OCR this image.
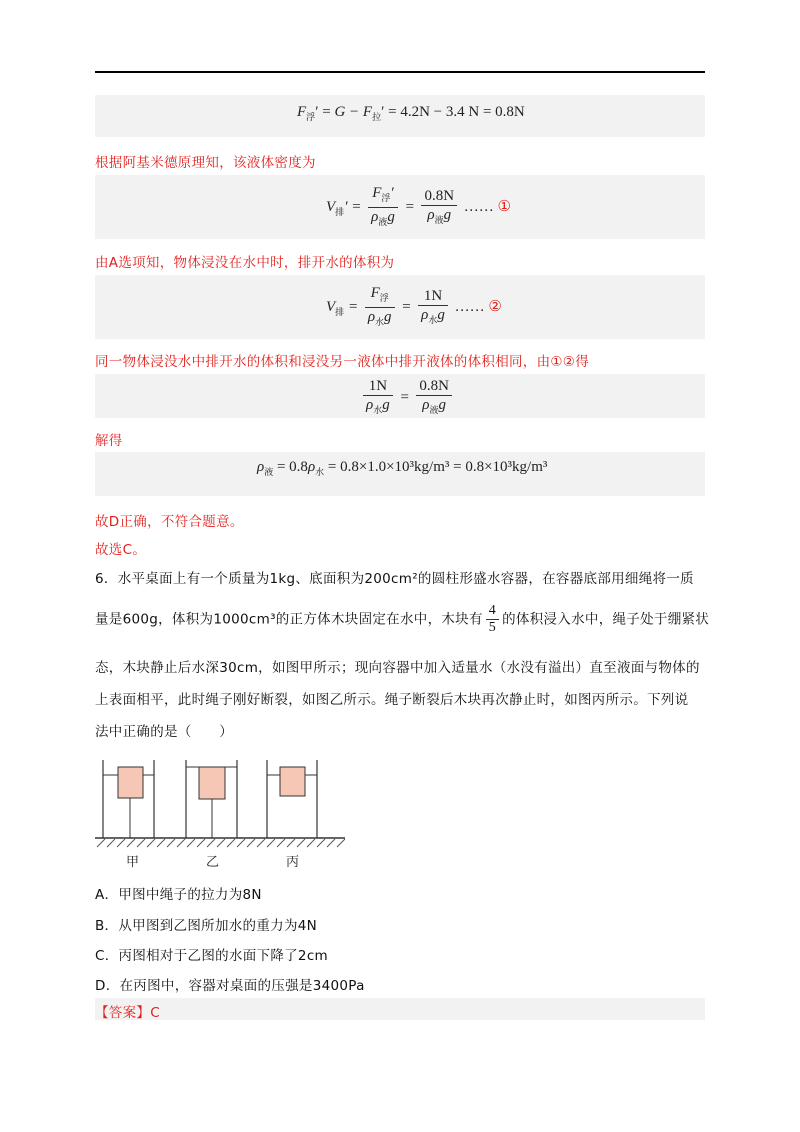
$F_浮' = G - F_拉' = 4.2N - 3.4$ N = 0.8N
根据阿基米德原理知，该液体密度为
$V_排' = \frac{F_浮'}{\rho_液g} = \frac{0.8N}{\rho_液g}$ …… ①
由A选项知，物体浸没在水中时，排开水的体积为
$V_排 = \frac{F_浮}{\rho_水g} = \frac{1N}{\rho_水g}$ …… ②
同一物体浸没水中排开水的体积和浸没另一液体中排开液体的体积相同，由①②得
$\frac{1N}{\rho_水g} = \frac{0.8N}{\rho_液g}$
解得
$\rho_液 = 0.8\rho_水 = 0.8\times 1.0\times 10^3kg/m^3 = 0.8\times 10^3kg/m^3$
故D正确，不符合题意。
故选C。
6．水平桌面上有一个质量为1kg、底面积为200cm²的圆柱形盛水容器，在容器底部用细绳将一质
量是600g，体积为1000cm³的正方体木块固定在水中，木块有 $\frac{4}{5}$ 的体积浸入水中，绳子处于绷紧状
态，木块静止后水深30cm，如图甲所示；现向容器中加入适量水（水没有溢出）直至液面与物体的
上表面相平，此时绳子刚好断裂，如图乙所示。绳子断裂后木块再次静止时，如图丙所示。下列说
法中正确的是（　　）
甲	乙	丙
A．甲图中绳子的拉力为8N
B．从甲图到乙图所加水的重力为4N
C．丙图相对于乙图的水面下降了2cm
D．在丙图中，容器对桌面的压强是3400Pa
【答案】C
